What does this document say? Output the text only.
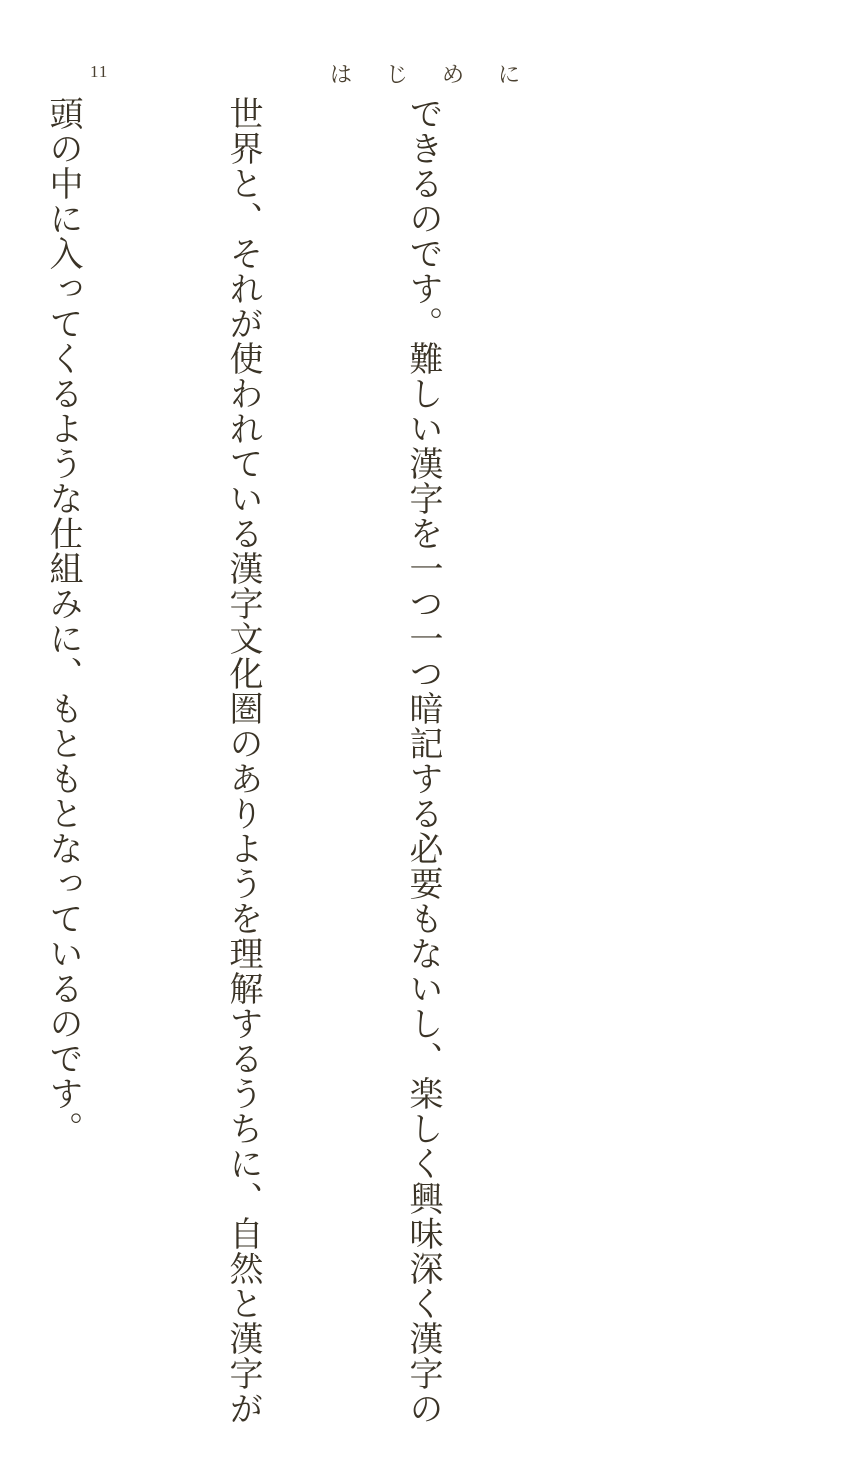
11	は じ め に

できるのです。難しい漢字を一つ一つ暗記する必要もないし、楽しく興味深く漢字の

世界と、それが使われている漢字文化圏のありようを理解するうちに、自然と漢字が

頭の中に入ってくるような仕組みに、もともとなっているのです。
